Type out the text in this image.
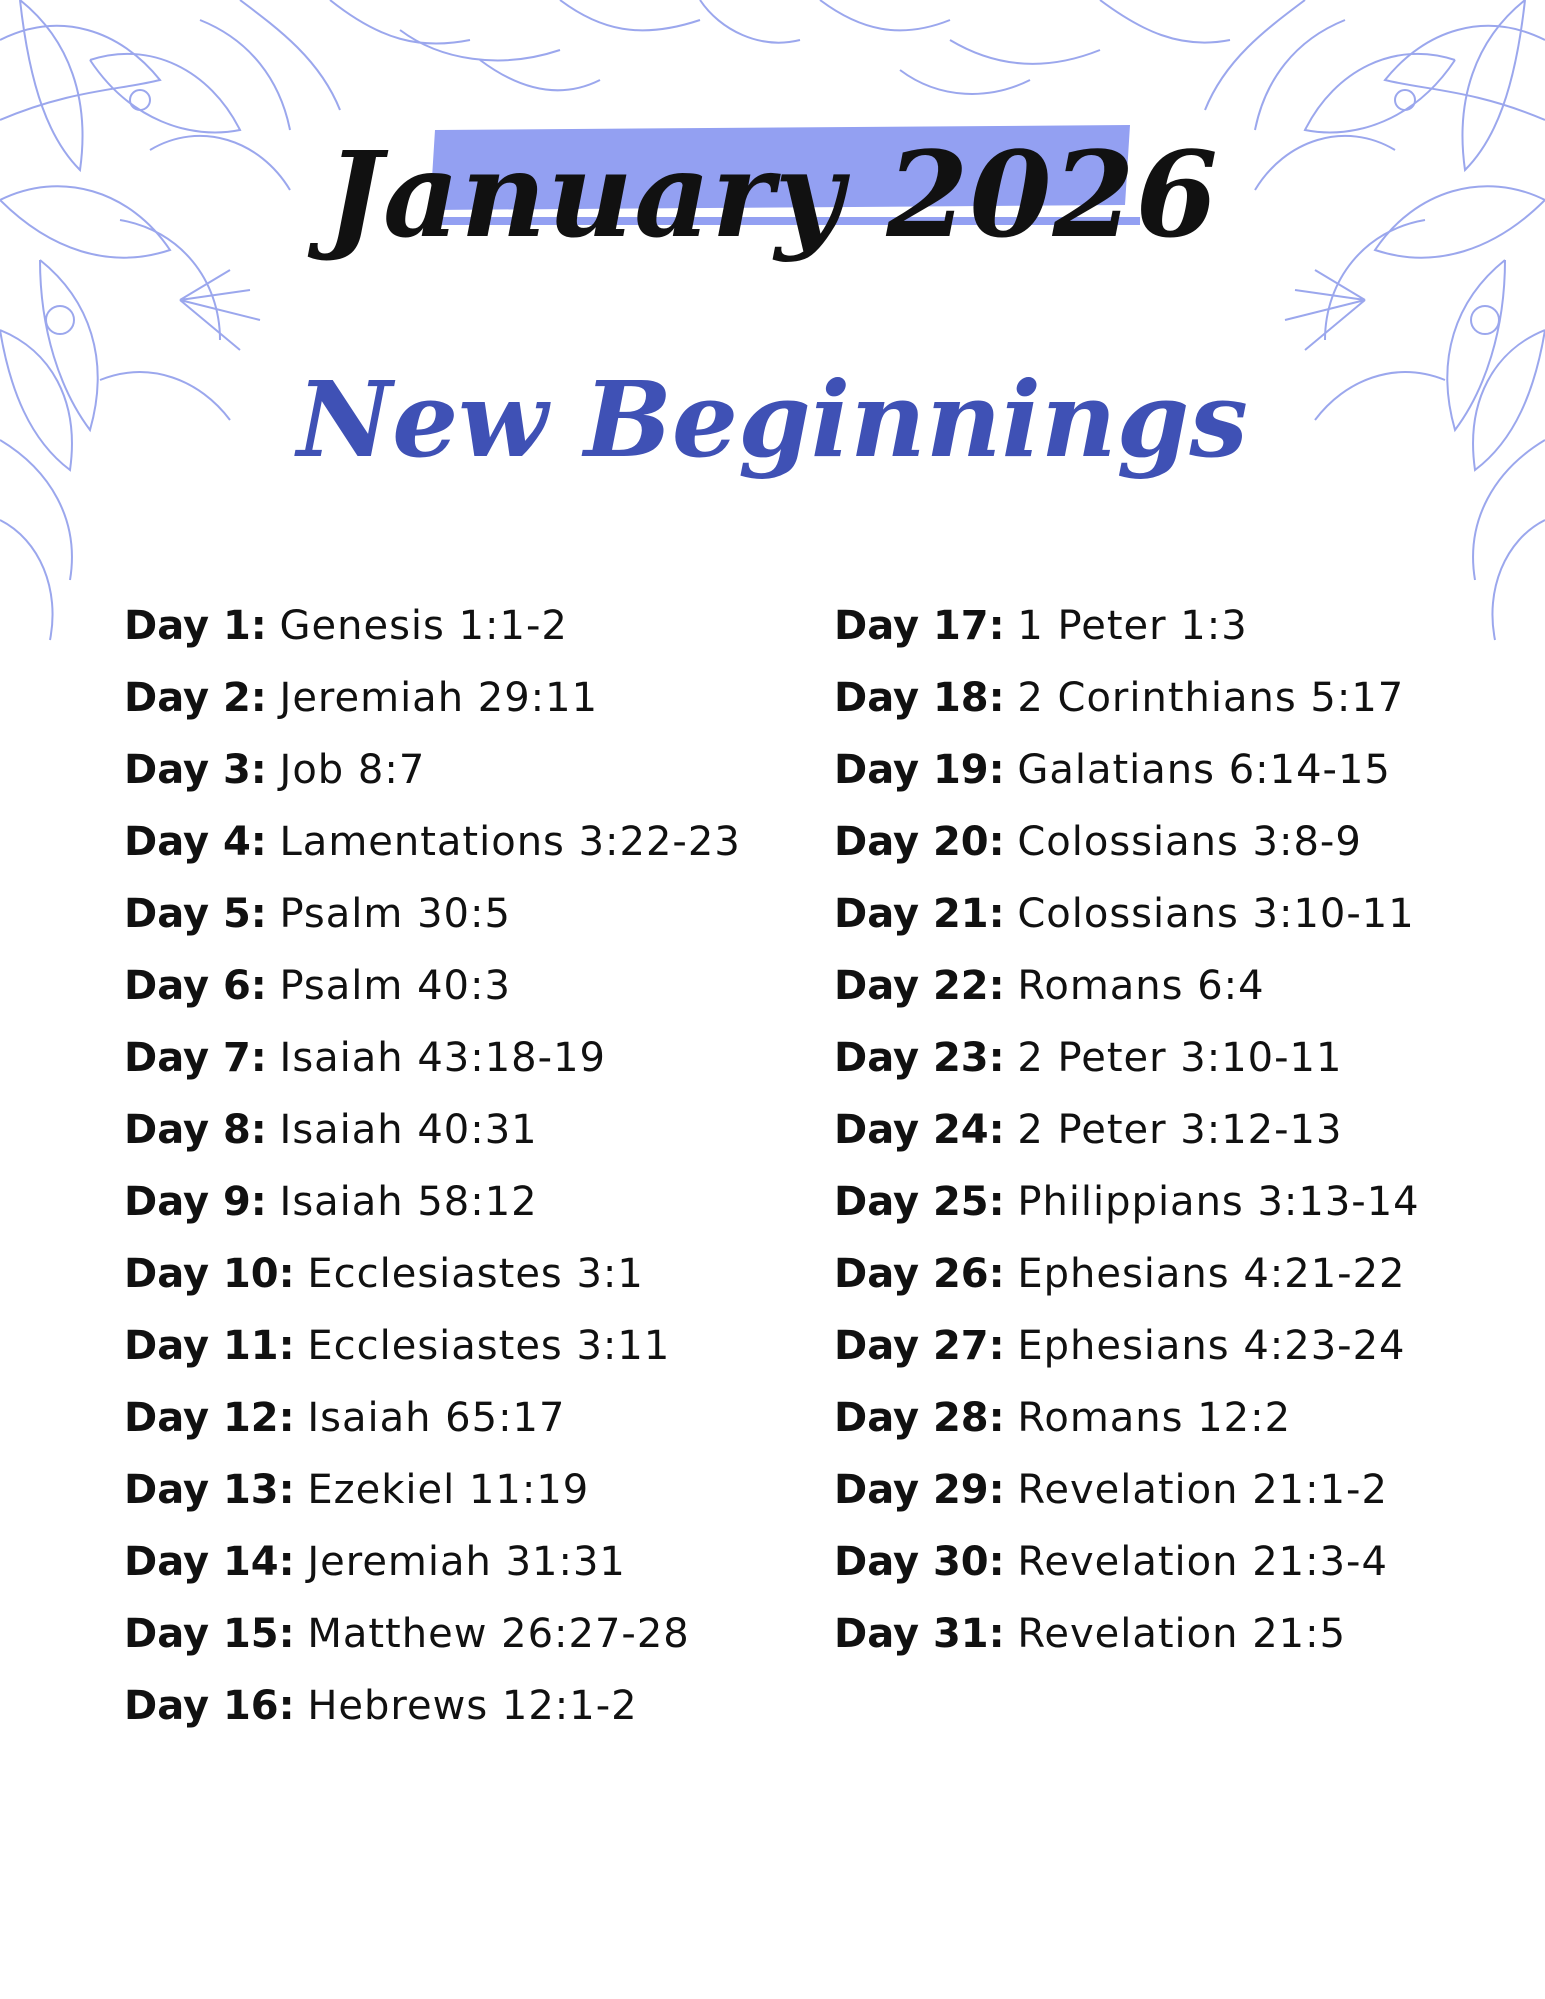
January 2026
New Beginnings
Day 1: Genesis 1:1-2
Day 2: Jeremiah 29:11
Day 3: Job 8:7
Day 4: Lamentations 3:22-23
Day 5: Psalm 30:5
Day 6: Psalm 40:3
Day 7: Isaiah 43:18-19
Day 8: Isaiah 40:31
Day 9: Isaiah 58:12
Day 10: Ecclesiastes 3:1
Day 11: Ecclesiastes 3:11
Day 12: Isaiah 65:17
Day 13: Ezekiel 11:19
Day 14: Jeremiah 31:31
Day 15: Matthew 26:27-28
Day 16: Hebrews 12:1-2
Day 17: 1 Peter 1:3
Day 18: 2 Corinthians 5:17
Day 19: Galatians 6:14-15
Day 20: Colossians 3:8-9
Day 21: Colossians 3:10-11
Day 22: Romans 6:4
Day 23: 2 Peter 3:10-11
Day 24: 2 Peter 3:12-13
Day 25: Philippians 3:13-14
Day 26: Ephesians 4:21-22
Day 27: Ephesians 4:23-24
Day 28: Romans 12:2
Day 29: Revelation 21:1-2
Day 30: Revelation 21:3-4
Day 31: Revelation 21:5
